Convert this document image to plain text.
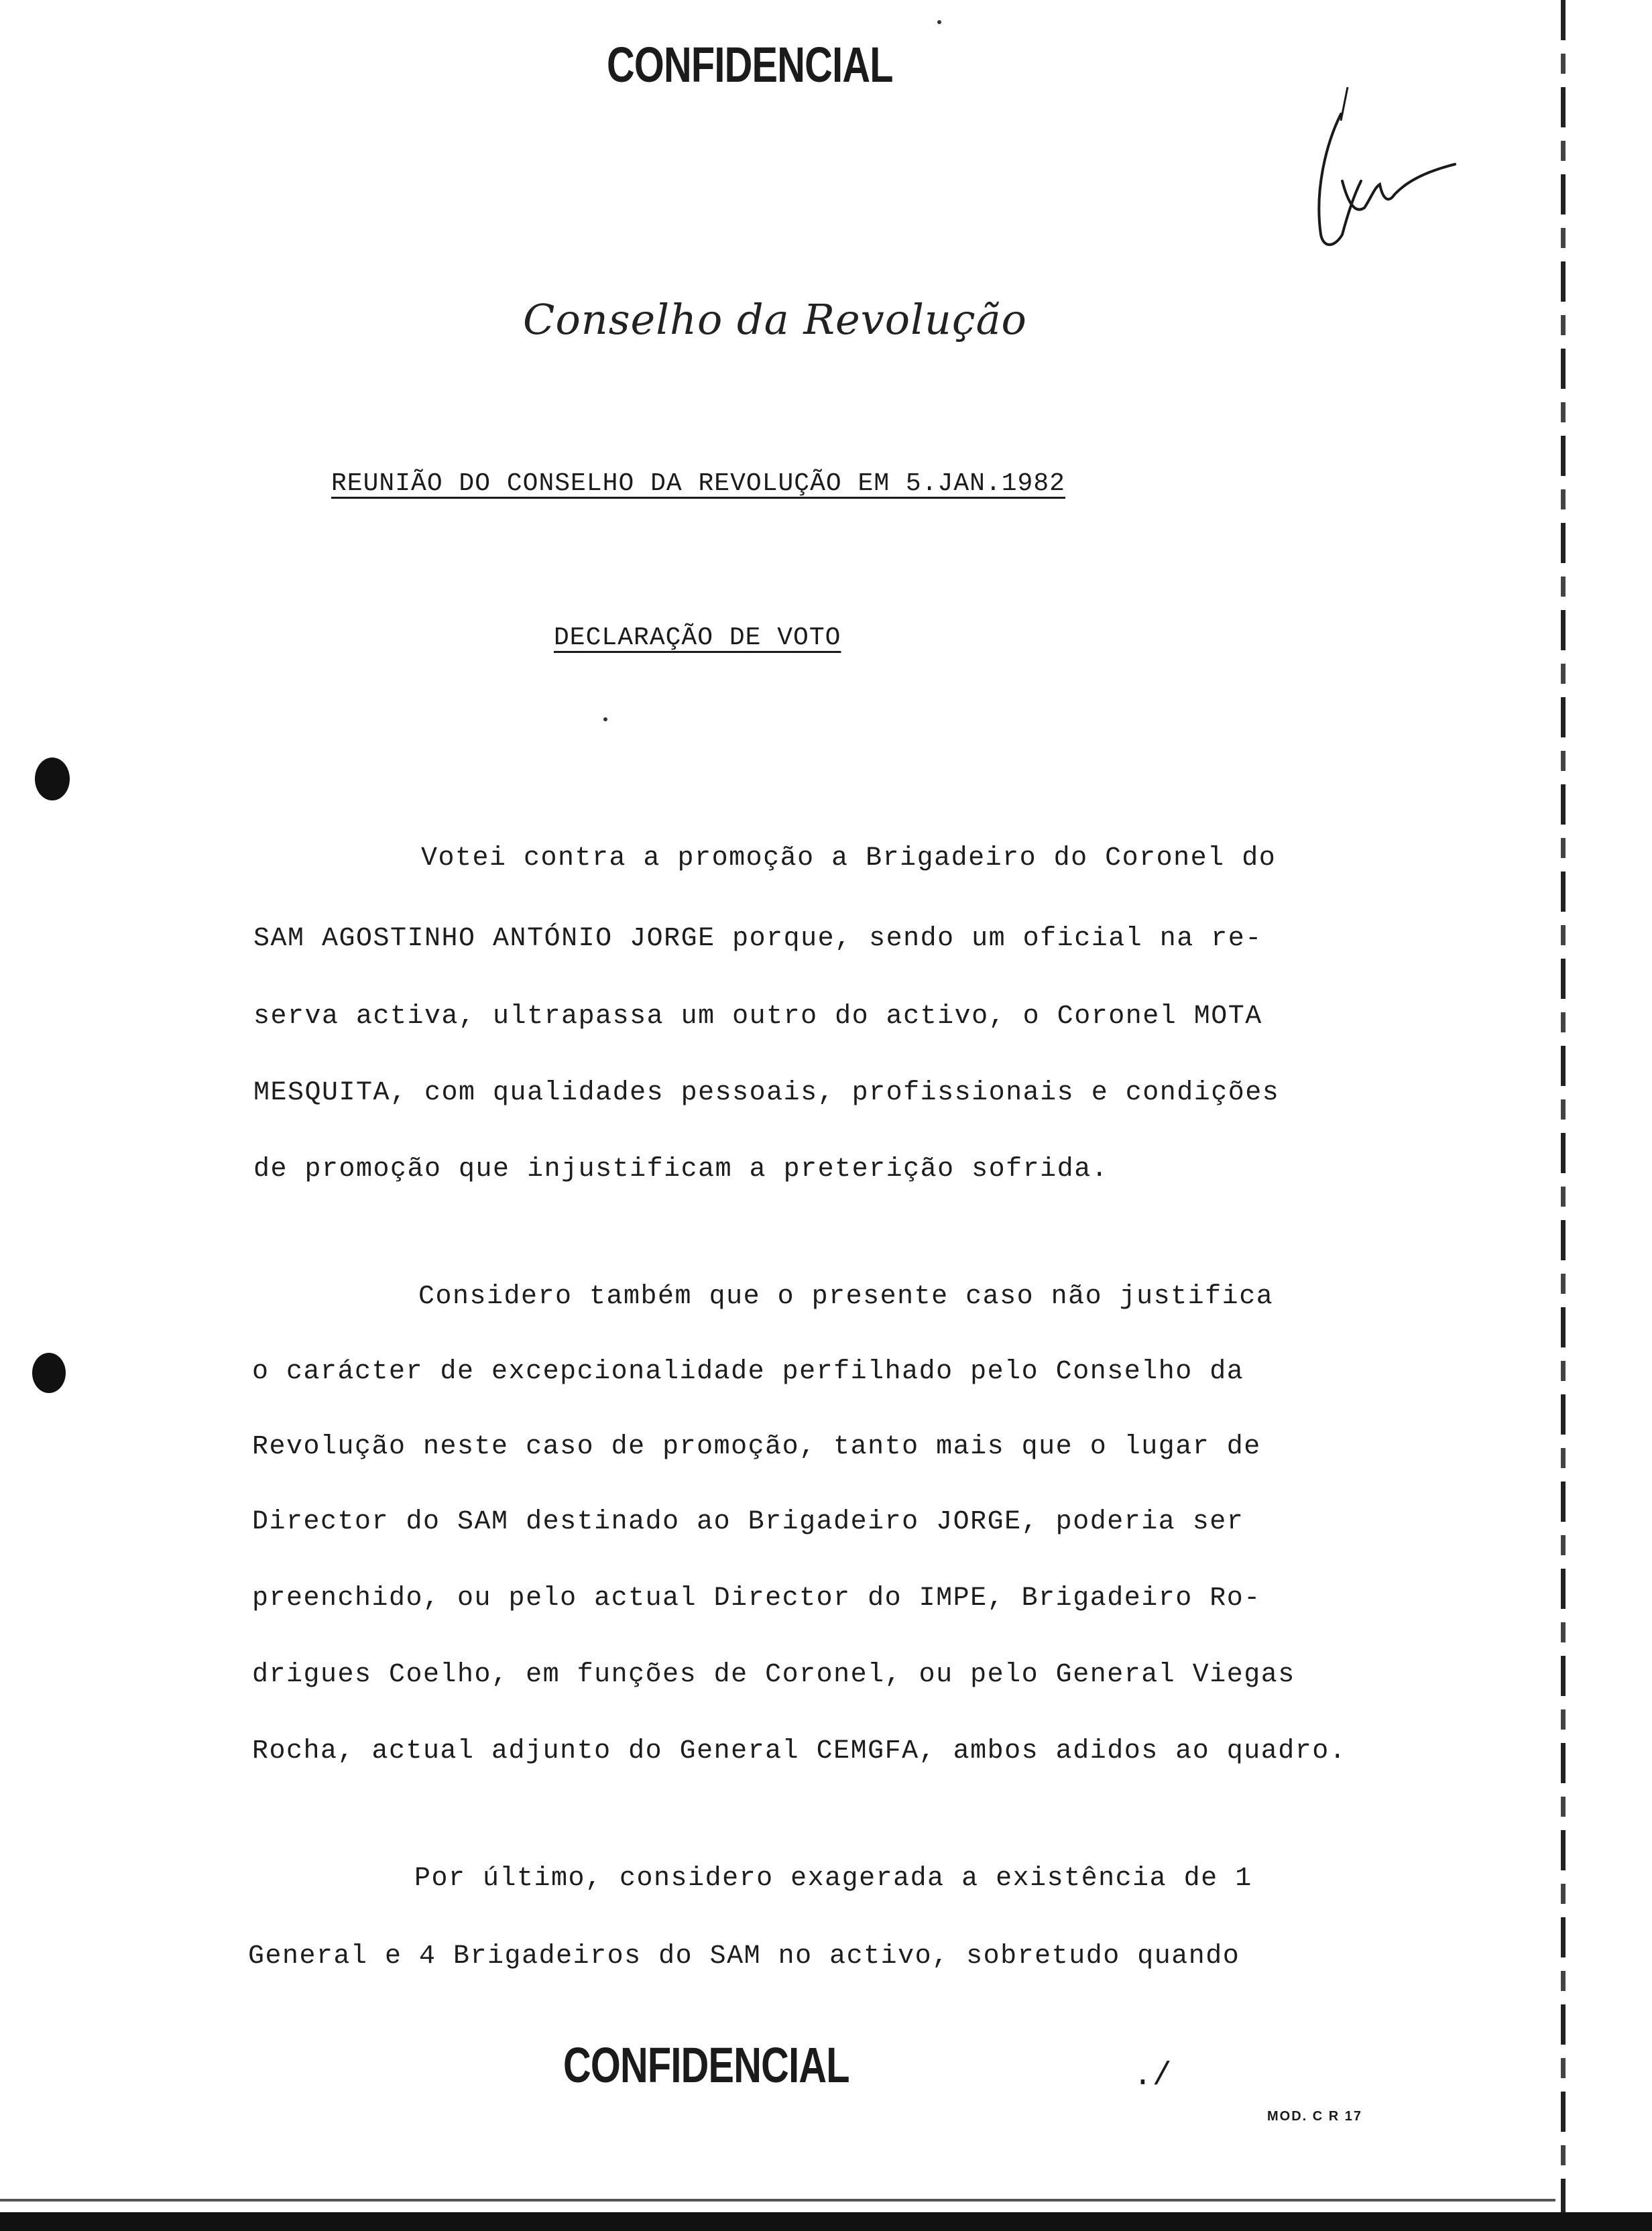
CONFIDENCIAL
Conselho da Revolução
REUNIÃO DO CONSELHO DA REVOLUÇÃO EM 5.JAN.1982
DECLARAÇÃO DE VOTO
Votei contra a promoção a Brigadeiro do Coronel do
SAM AGOSTINHO ANTÓNIO JORGE porque, sendo um oficial na re-
serva activa, ultrapassa um outro do activo, o Coronel MOTA
MESQUITA, com qualidades pessoais, profissionais e condições
de promoção que injustificam a preterição sofrida.
Considero também que o presente caso não justifica
o carácter de excepcionalidade perfilhado pelo Conselho da
Revolução neste caso de promoção, tanto mais que o lugar de
Director do SAM destinado ao Brigadeiro JORGE, poderia ser
preenchido, ou pelo actual Director do IMPE, Brigadeiro Ro-
drigues Coelho, em funções de Coronel, ou pelo General Viegas
Rocha, actual adjunto do General CEMGFA, ambos adidos ao quadro.
Por último, considero exagerada a existência de 1
General e 4 Brigadeiros do SAM no activo, sobretudo quando
CONFIDENCIAL	./
MOD. C R 17
